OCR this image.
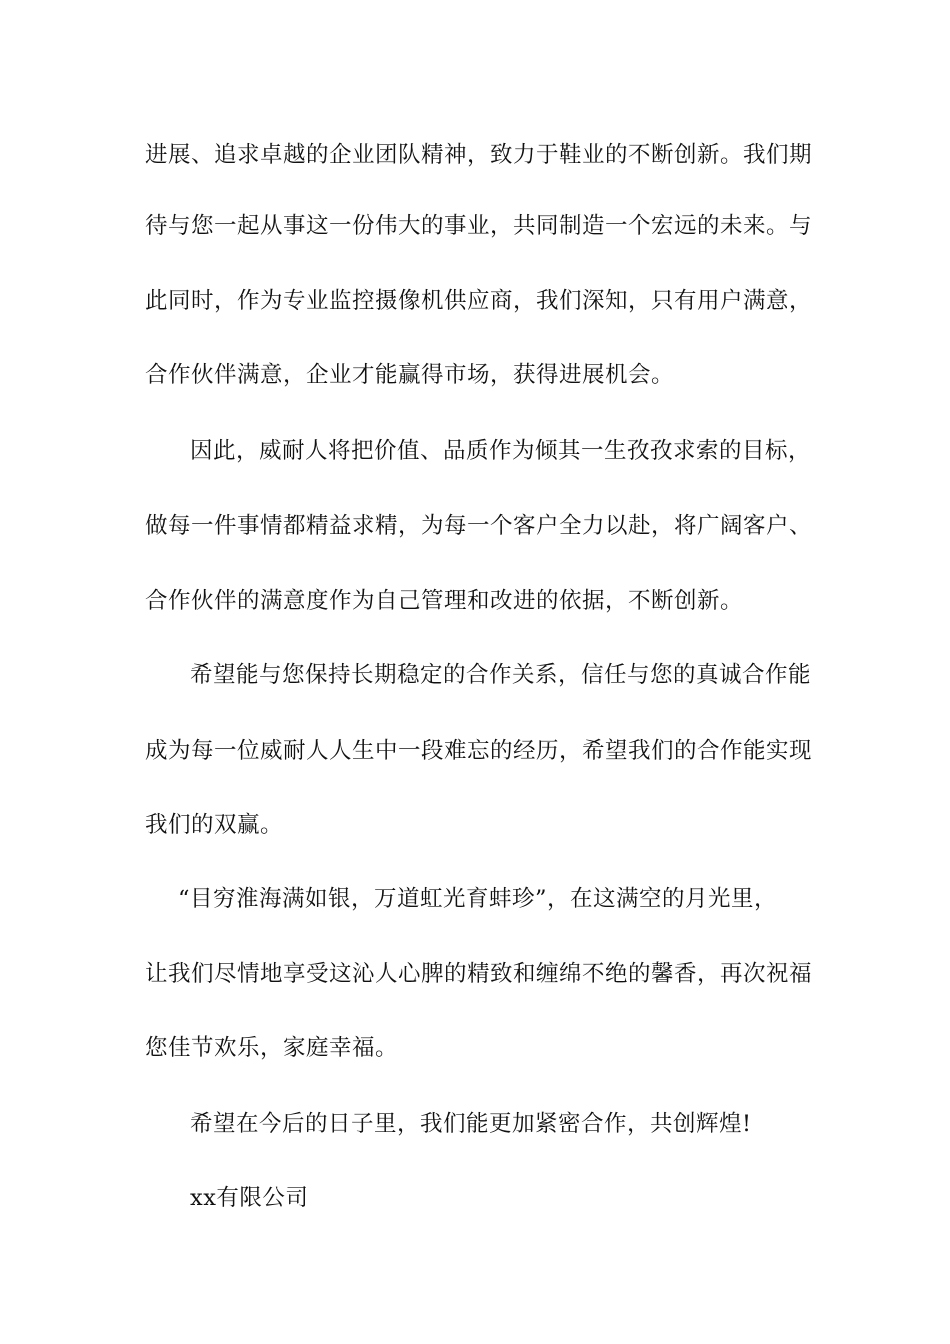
进展、追求卓越的企业团队精神，致力于鞋业的不断创新。我们期
待与您一起从事这一份伟大的事业，共同制造一个宏远的未来。与
此同时，作为专业监控摄像机供应商，我们深知，只有用户满意，
合作伙伴满意，企业才能赢得市场，获得进展机会。
因此，威耐人将把价值、品质作为倾其一生孜孜求索的目标，
做每一件事情都精益求精，为每一个客户全力以赴，将广阔客户、
合作伙伴的满意度作为自己管理和改进的依据，不断创新。
希望能与您保持长期稳定的合作关系，信任与您的真诚合作能
成为每一位威耐人人生中一段难忘的经历，希望我们的合作能实现
我们的双赢。
“目穷淮海满如银，万道虹光育蚌珍”，在这满空的月光里，
让我们尽情地享受这沁人心脾的精致和缠绵不绝的馨香，再次祝福
您佳节欢乐，家庭幸福。
希望在今后的日子里，我们能更加紧密合作，共创辉煌!
xx有限公司
